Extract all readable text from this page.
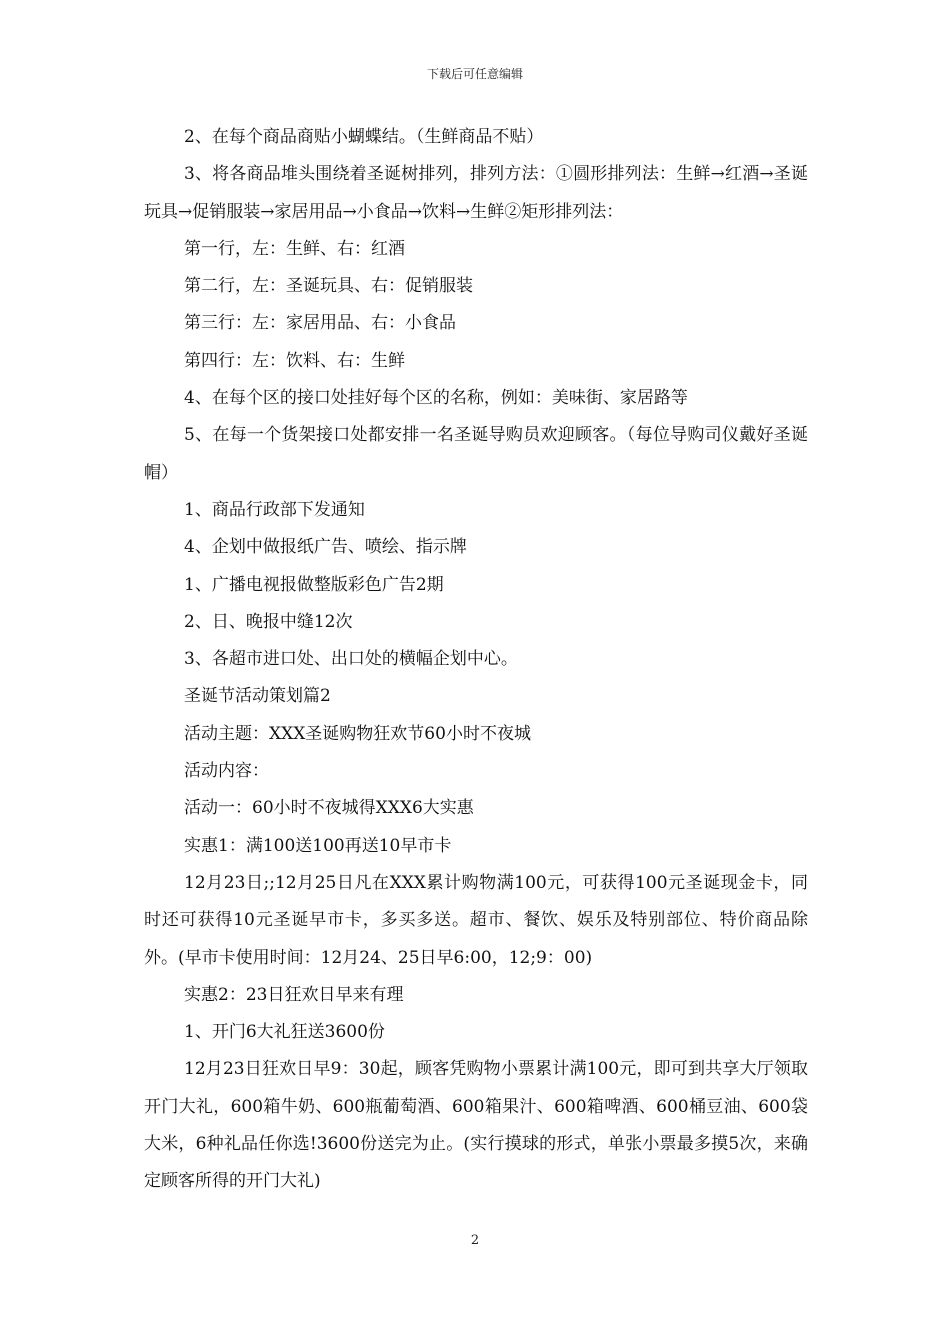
下载后可任意编辑

2、在每个商品商贴小蝴蝶结。（生鲜商品不贴）

3、将各商品堆头围绕着圣诞树排列，排列方法：①圆形排列法：生鲜→红酒→圣诞玩具→促销服装→家居用品→小食品→饮料→生鲜②矩形排列法：

第一行，左：生鲜、右：红酒

第二行，左：圣诞玩具、右：促销服装

第三行：左：家居用品、右：小食品

第四行：左：饮料、右：生鲜

4、在每个区的接口处挂好每个区的名称，例如：美味街、家居路等

5、在每一个货架接口处都安排一名圣诞导购员欢迎顾客。（每位导购司仪戴好圣诞帽）

1、商品行政部下发通知

4、企划中做报纸广告、喷绘、指示牌

1、广播电视报做整版彩色广告2期

2、日、晚报中缝12次

3、各超市进口处、出口处的横幅企划中心。

圣诞节活动策划篇2

活动主题：XXX圣诞购物狂欢节60小时不夜城

活动内容：

活动一：60小时不夜城得XXX6大实惠

实惠1：满100送100再送10早市卡

12月23日;;12月25日凡在XXX累计购物满100元，可获得100元圣诞现金卡，同时还可获得10元圣诞早市卡，多买多送。超市、餐饮、娱乐及特别部位、特价商品除外。(早市卡使用时间：12月24、25日早6:00，12;9：00)

实惠2：23日狂欢日早来有理

1、开门6大礼狂送3600份

12月23日狂欢日早9：30起，顾客凭购物小票累计满100元，即可到共享大厅领取开门大礼，600箱牛奶、600瓶葡萄酒、600箱果汁、600箱啤酒、600桶豆油、600袋大米，6种礼品任你选!3600份送完为止。(实行摸球的形式，单张小票最多摸5次，来确定顾客所得的开门大礼)

2
